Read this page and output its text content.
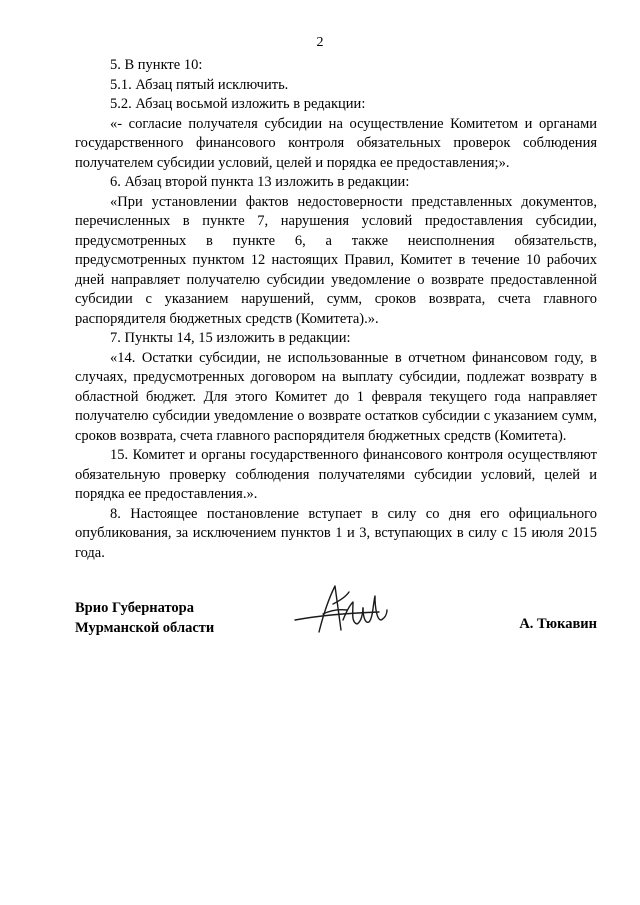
2

5. В пункте 10:

5.1. Абзац пятый исключить.

5.2. Абзац восьмой изложить в редакции:

«- согласие получателя субсидии на осуществление Комитетом и органами государственного финансового контроля обязательных проверок соблюдения получателем субсидии условий, целей и порядка ее предоставления;».

6. Абзац второй пункта 13 изложить в редакции:

«При установлении фактов недостоверности представленных документов, перечисленных в пункте 7, нарушения условий предоставления субсидии, предусмотренных в пункте 6, а также неисполнения обязательств, предусмотренных пунктом 12 настоящих Правил, Комитет в течение 10 рабочих дней направляет получателю субсидии уведомление о возврате предоставленной субсидии с указанием нарушений, сумм, сроков возврата, счета главного распорядителя бюджетных средств (Комитета).».

7. Пункты 14, 15 изложить в редакции:

«14. Остатки субсидии, не использованные в отчетном финансовом году, в случаях, предусмотренных договором на выплату субсидии, подлежат возврату в областной бюджет. Для этого Комитет до 1 февраля текущего года направляет получателю субсидии уведомление о возврате остатков субсидии с указанием сумм, сроков возврата, счета главного распорядителя бюджетных средств (Комитета).

15. Комитет и органы государственного финансового контроля осуществляют обязательную проверку соблюдения получателями субсидии условий, целей и порядка ее предоставления.».

8. Настоящее постановление вступает в силу со дня его официального опубликования, за исключением пунктов 1 и 3, вступающих в силу с 15 июля 2015 года.

Врио Губернатора
Мурманской области	А. Тюкавин
